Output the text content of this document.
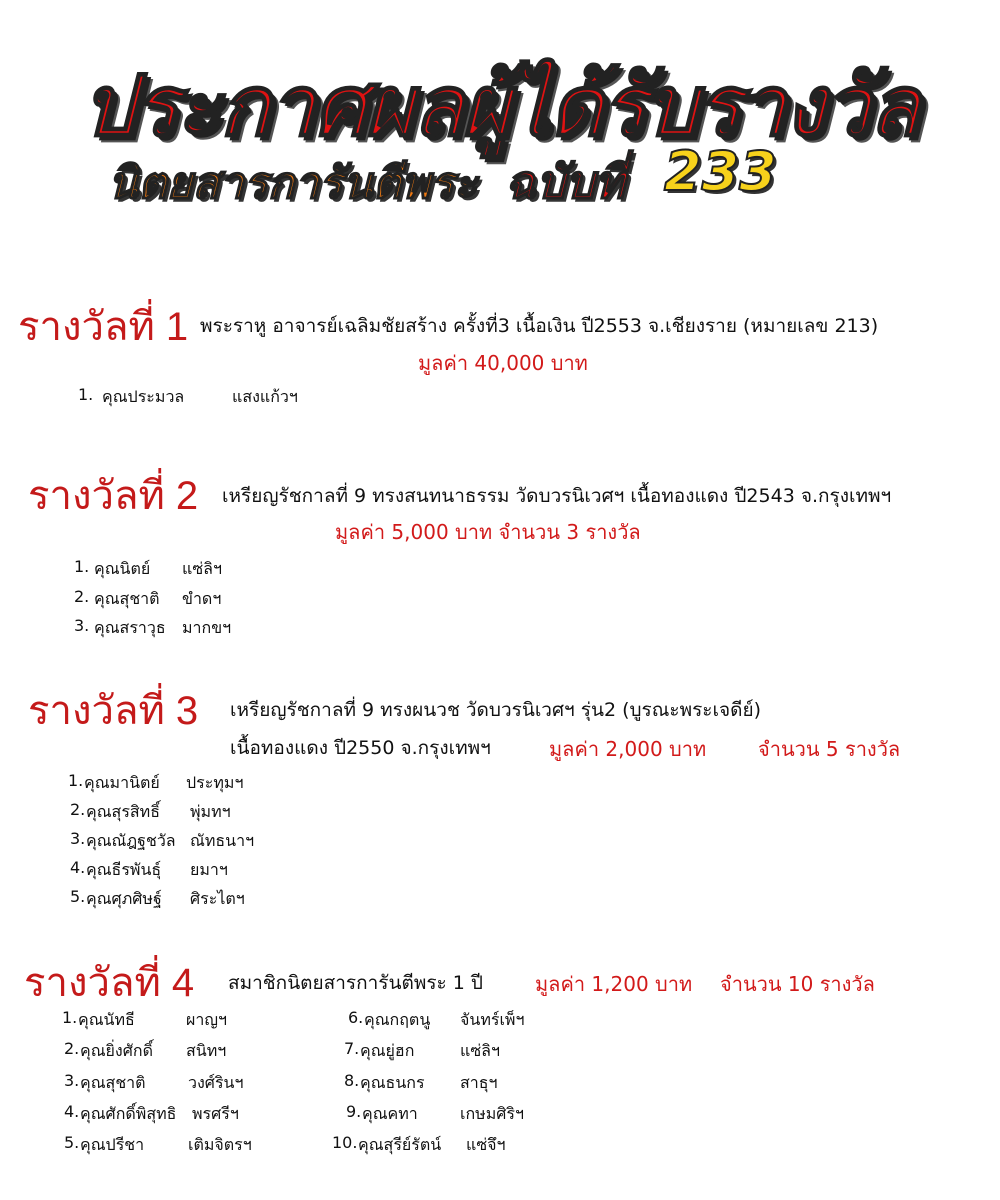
ประกาศผลผู้ได้รับรางวัล
นิตยสารการันตีพระ ฉบับที่ 233
รางวัลที่ 1 พระราหู อาจารย์เฉลิมชัยสร้าง ครั้งที่3 เนื้อเงิน ปี2553 จ.เชียงราย (หมายเลข 213)
มูลค่า 40,000 บาท
1. คุณประมวล	แสงแก้วฯ
รางวัลที่ 2 เหรียญรัชกาลที่ 9 ทรงสนทนาธรรม วัดบวรนิเวศฯ เนื้อทองแดง ปี2543 จ.กรุงเทพฯ
มูลค่า 5,000 บาท จำนวน 3 รางวัล
1. คุณนิตย์ แซ่ลิฯ
2. คุณสุชาติ ขำดฯ
3. คุณสราวุธ มากขฯ
รางวัลที่ 3 เหรียญรัชกาลที่ 9 ทรงผนวช วัดบวรนิเวศฯ รุ่น2 (บูรณะพระเจดีย์)
เนื้อทองแดง ปี2550 จ.กรุงเทพฯ	มูลค่า 2,000 บาท	จำนวน 5 รางวัล
1. คุณมานิตย์ ประทุมฯ
2. คุณสุรสิทธิ์ พุ่มทฯ
3. คุณณัฎฐชวัล ณัทธนาฯ
4. คุณธีรพันธุ์ ยมาฯ
5. คุณศุภศิษฐ์ ศิระไตฯ
รางวัลที่ 4 สมาชิกนิตยสารการันตีพระ 1 ปี	มูลค่า 1,200 บาท จำนวน 10 รางวัล
1. คุณนัทธี	ผาญฯ
2. คุณยิ่งศักดิ์ สนิทฯ
3. คุณสุชาติ	วงศ์รินฯ
4. คุณศักดิ์พิสุทธิ พรศรีฯ
5. คุณปรีชา	เติมจิตรฯ
6. คุณกฤตนู จันทร์เพ็ฯ
7. คุณยู่ฮก	แซ่ลิฯ
8. คุณธนกร สาธุฯ
9. คุณคทา	เกษมศิริฯ
10. คุณสุรีย์รัตน์ แซ่จึฯ
